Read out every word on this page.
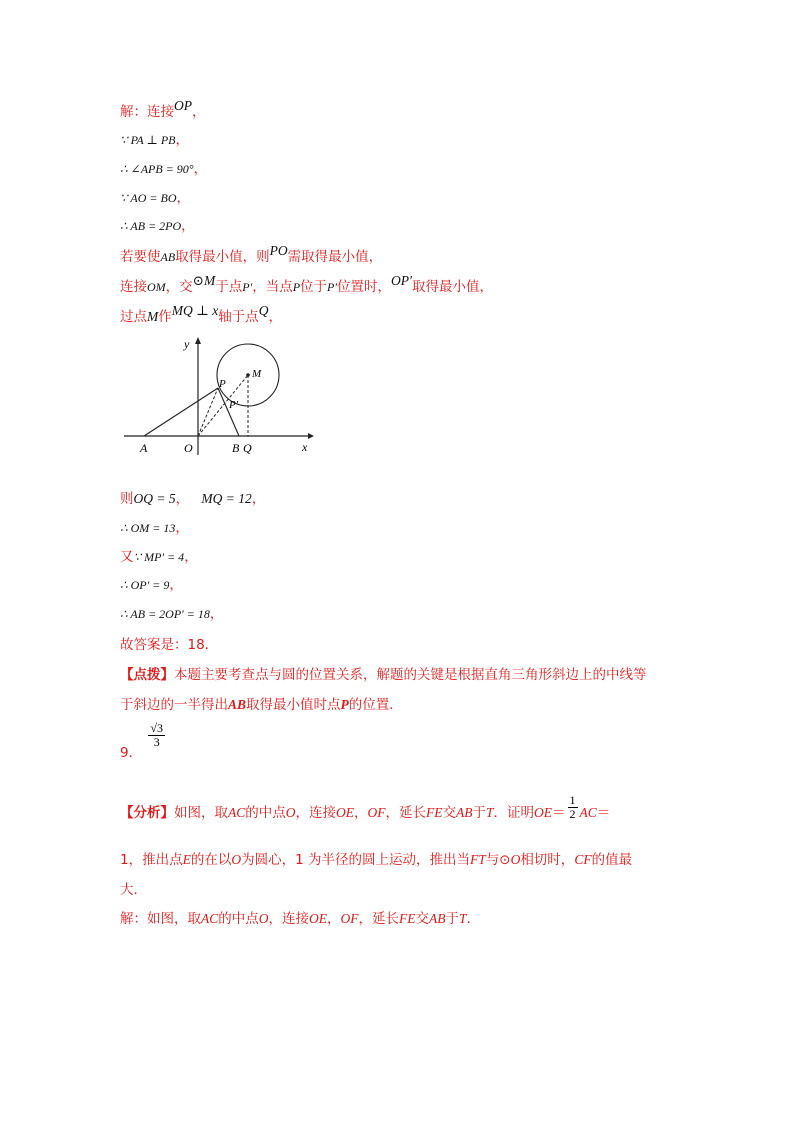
解：连接OP，
∵ PA ⊥ PB，
∴ ∠APB = 90°，
∵ AO = BO，
∴ AB = 2PO，
若要使AB取得最小值，则PO需取得最小值，
连接OM，交⊙M于点P′，当点P位于P′位置时，OP′取得最小值，
过点M作MQ ⊥ x轴于点Q，
y
x
A	O	B Q
P
P′
M
则OQ = 5， MQ = 12，
∴ OM = 13，
又∵ MP′ = 4，
∴ OP′ = 9，
∴ AB = 2OP′ = 18，
故答案是：18．
【点拨】本题主要考查点与圆的位置关系，解题的关键是根据直角三角形斜边上的中线等
于斜边的一半得出AB取得最小值时点P的位置．
9．
$\frac{√3}{3}$
【分析】如图，取AC的中点O，连接OE，OF，延长FE交AB于T．证明$OE= \frac{1}{2} AC=$
1，推出点E的在以O为圆心，1 为半径的圆上运动，推出当FT与⊙O相切时，CF的值最
大．
解：如图，取AC的中点O，连接OE，OF，延长FE交AB于T．
